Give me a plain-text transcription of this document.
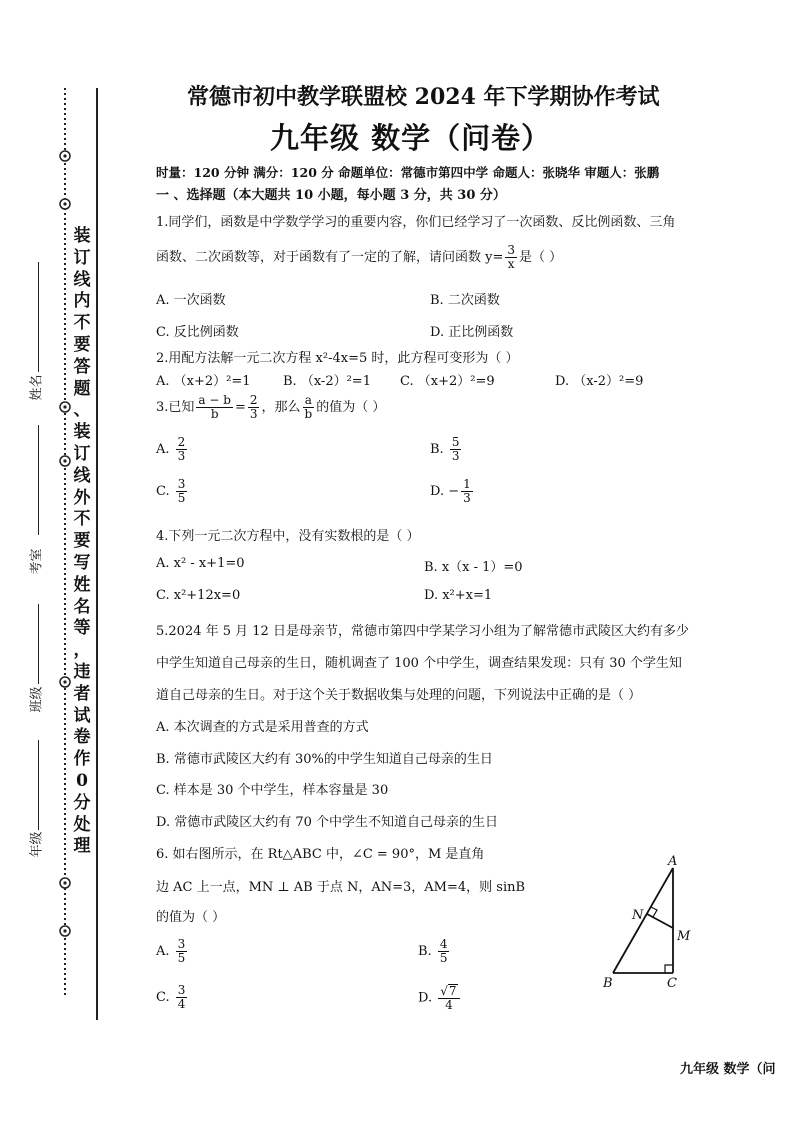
装
订
线
内
不
要
答
题
、
装
订
线
外
不
要
写
姓
名
等
，
违
者
试
卷
作
0
分
处
理
姓名
考室
班级
年级
常德市初中教学联盟校 2024 年下学期协作考试
九年级 数学（问卷）
时量：120 分钟 满分：120 分 命题单位：常德市第四中学 命题人：张晓华 审题人：张鹏
一 、选择题（本大题共 10 小题，每小题 3 分，共 30 分）
1.同学们，函数是中学数学学习的重要内容，你们已经学习了一次函数、反比例函数、三角
函数、二次函数等，对于函数有了一定的了解，请问函数 $y= \frac{3}{x}$ 是（ ）
A. 一次函数	B. 二次函数
C. 反比例函数	D. 正比例函数
2.用配方法解一元二次方程 x²-4x=5 时，此方程可变形为（ ）
A. （x+2）²=1 B. （x-2）²=1 C. （x+2）²=9	D. （x-2）²=9
3.已知 $\frac{a - b}{b} = \frac{2}{3}$ ，那么 $\frac{a}{b}$ 的值为（ ）
A. $\frac{2}{3}$	B. $\frac{5}{3}$
C. $\frac{3}{5}$	D. − $\frac{1}{3}$
4.下列一元二次方程中，没有实数根的是（ ）
A. x² - x+1=0	B. x（x - 1）=0
C. x²+12x=0	D. x²+x=1
5.2024 年 5 月 12 日是母亲节，常德市第四中学某学习小组为了解常德市武陵区大约有多少
中学生知道自己母亲的生日，随机调查了 100 个中学生，调查结果发现：只有 30 个学生知
道自己母亲的生日。对于这个关于数据收集与处理的问题，下列说法中正确的是（ ）
A. 本次调查的方式是采用普查的方式
B. 常德市武陵区大约有 30%的中学生知道自己母亲的生日
C. 样本是 30 个中学生，样本容量是 30
D. 常德市武陵区大约有 70 个中学生不知道自己母亲的生日
6. 如右图所示，在 Rt△ABC 中，∠C = 90°，M 是直角
边 AC 上一点，MN ⊥ AB 于点 N，AN=3，AM=4，则 sinB
的值为（ ）
A. $\frac{3}{5}$	B. $\frac{4}{5}$
C. $\frac{3}{4}$	D. $\frac{√7}{4}$
A
B	C
M
N
九年级 数学（问
